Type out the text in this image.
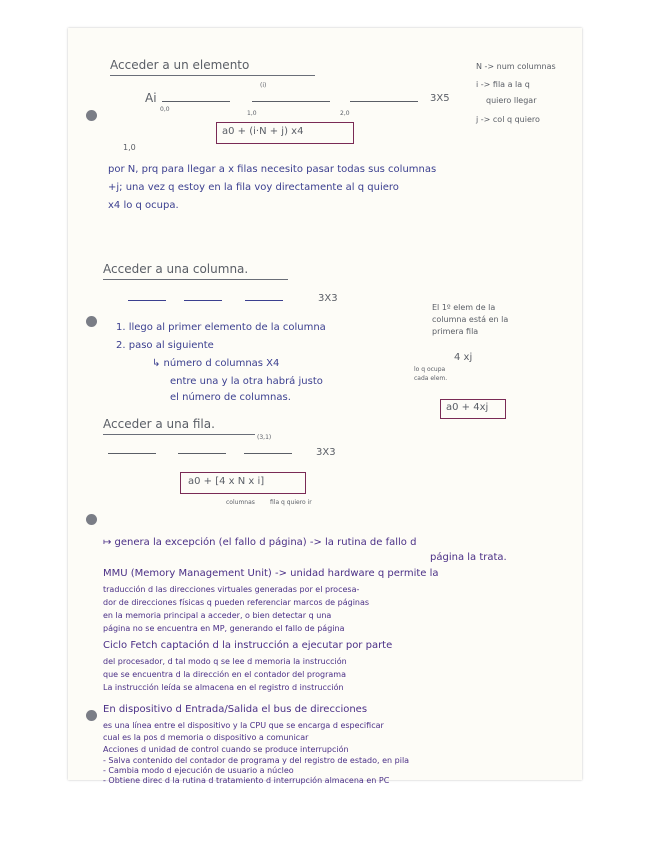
Acceder a un elemento
Ai
0,0
1,0	2,0
(i)
3X5
a0 + (i·N + j) x4
1,0
N -> num columnas
i -> fila a la q
quiero llegar
j -> col q quiero
por N, prq para llegar a x filas necesito pasar todas sus columnas
+j; una vez q estoy en la fila voy directamente al q quiero
x4 lo q ocupa.
Acceder a una columna.
3X3
1. llego al primer elemento de la columna
2. paso al siguiente
↳ número d columnas X4
entre una y la otra habrá justo
el número de columnas.
El 1º elem de la
columna está en la
primera fila
4 xj
lo q ocupa
cada elem.
a0 + 4xj
Acceder a una fila.
(3,1)
3X3
a0 + [4 x N x i]
columnas	fila q quiero ir
↦ genera la excepción (el fallo d página) -> la rutina de fallo d
página la trata.
MMU (Memory Management Unit) -> unidad hardware q permite la
traducción d las direcciones virtuales generadas por el procesa-
dor de direcciones físicas q pueden referenciar marcos de páginas
en la memoria principal a acceder, o bien detectar q una
página no se encuentra en MP, generando el fallo de página
Ciclo Fetch captación d la instrucción a ejecutar por parte
del procesador, d tal modo q se lee d memoria la instrucción
que se encuentra d la dirección en el contador del programa
La instrucción leída se almacena en el registro d instrucción
En dispositivo d Entrada/Salida el bus de direcciones
es una línea entre el dispositivo y la CPU que se encarga d especificar
cual es la pos d memoria o dispositivo a comunicar
Acciones d unidad de control cuando se produce interrupción
- Salva contenido del contador de programa y del registro de estado, en pila
- Cambia modo d ejecución de usuario a núcleo
- Obtiene direc d la rutina d tratamiento d interrupción almacena en PC
